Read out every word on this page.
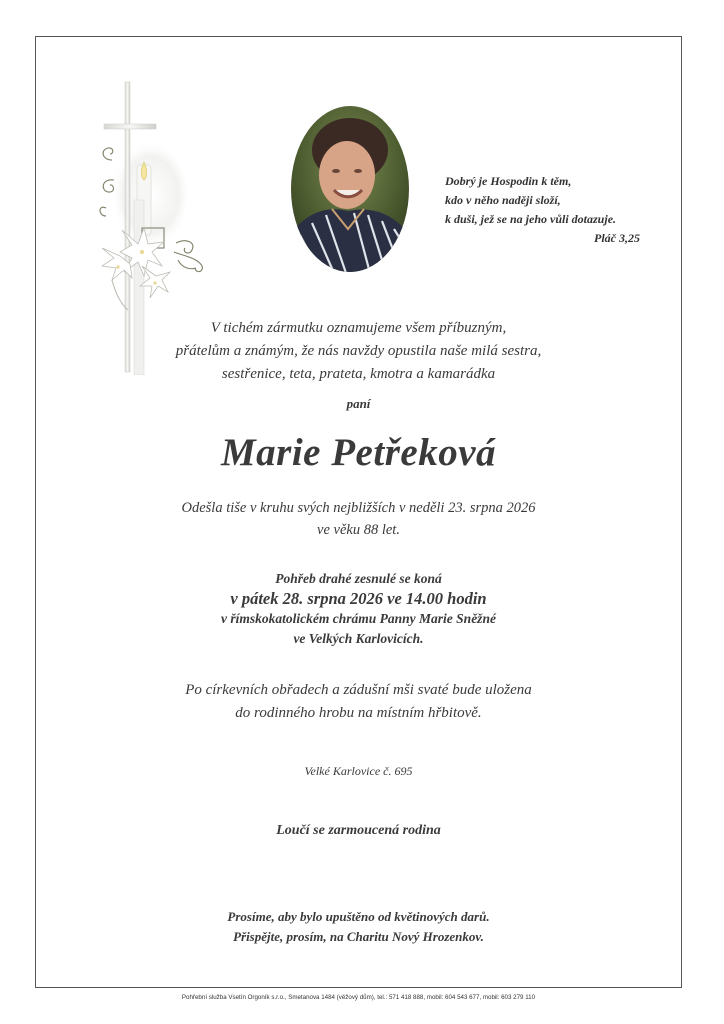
Dobrý je Hospodin k těm,
kdo v něho naději složí,
k duši, jež se na jeho vůli dotazuje.
Pláč 3,25
V tichém zármutku oznamujeme všem příbuzným,
přátelům a známým, že nás navždy opustila naše milá sestra,
sestřenice, teta, prateta, kmotra a kamarádka
paní
Marie Petřeková
Odešla tiše v kruhu svých nejbližších v neděli 23. srpna 2026
ve věku 88 let.
Pohřeb drahé zesnulé se koná
v pátek 28. srpna 2026 ve 14.00 hodin
v římskokatolickém chrámu Panny Marie Sněžné
ve Velkých Karlovicích.
Po církevních obřadech a zádušní mši svaté bude uložena
do rodinného hrobu na místním hřbitově.
Velké Karlovice č. 695
Loučí se zarmoucená rodina
Prosíme, aby bylo upuštěno od květinových darů.
Přispějte, prosím, na Charitu Nový Hrozenkov.
Pohřební služba Vsetín Orgoník s.r.o., Smetanova 1484 (věžový dům), tel.: 571 418 888, mobil: 604 543 677, mobil: 603 279 110
